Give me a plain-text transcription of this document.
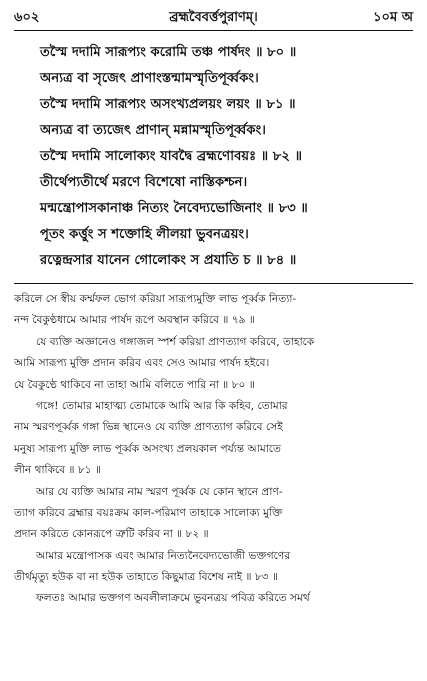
৬০২	ব্রহ্মবৈবর্ত্তপুরাণম্‌।	১০ম অ
তস্মৈ দদামি সারূপ্যং করোমি তঞ্চ পার্ষদং ॥ ৮০ ॥
অন্যত্র বা সৃজেৎ প্রাণাংস্তন্মামস্মৃতিপূর্ব্বকং।
তস্মৈ দদামি সারূপ্যং অসংখ্যপ্রলয়ং লয়ং ॥ ৮১ ॥
অন্যত্র বা ত্যজেৎ প্রাণান্‌ মন্নামস্মৃতিপূর্ব্বকং।
তস্মৈ দদামি সালোক্যং যাবদ্বৈ ব্রহ্মণোবয়ঃ ॥ ৮২ ॥
তীর্থেপ্যতীর্থে মরণে বিশেষো নাস্তিকশ্চন।
মন্মন্ত্রোপাসকানাঞ্চ নিত্যং নৈবেদ্যভোজিনাং ॥ ৮৩ ॥
পূতং কর্ত্তুং স শক্তোহি লীলয়া ভুবনত্রয়ং।
রত্নেন্দ্রসার যানেন গোলোকং স প্রযাতি চ ॥ ৮৪ ॥
করিলে সে স্বীয় কর্ম্মফল ভোগ করিয়া সারূপ্যমুক্তি লাভ পূর্ব্বক নিত্যা-
নন্দ বৈকুণ্ঠধামে আমার পার্ষদ রূপে অবস্থান করিবে ॥ ৭৯ ॥
যে ব্যক্তি অজ্ঞানেও গঙ্গাজল স্পর্শ করিয়া প্রাণত্যাগ করিবে, তাহাকে
আমি সারূপ্য মুক্তি প্রদান করিব এবং সেও আমার পার্ষদ হইবে।
যে বৈকুণ্ঠে থাকিবে না তাহা আমি বলিতে পারি না ॥ ৮০ ॥
গঙ্গে! তোমার মাহাত্ম্য তোমাকে আমি আর কি কহিব, তোমার
নাম স্মরণপূর্ব্বক গঙ্গা ভিন্ন স্থানেও যে ব্যক্তি প্রাণত্যাগ করিবে সেই
মনুষ্য সারূপ্য মুক্তি লাভ পূর্ব্বক অসংখ্য প্রলয়কাল পর্য্যন্ত আমাতে
লীন থাকিবে ॥ ৮১ ॥
আর যে ব্যক্তি আমার নাম স্মরণ পূর্ব্বক যে কোন স্থানে প্রাণ-
ত্যাগ করিবে ব্রহ্মার বয়ঃক্রম কাল-পরিমাণ তাহাকে সালোক্য মুক্তি
প্রদান করিতে কোনরূপে ত্রুটি করিব না ॥ ৮২ ॥
আমার মন্ত্রোপাসক এবং আমার নিত্যনৈবেদ্যভোজী ভক্তগণের
তীর্থমৃত্যু হউক বা না হউক তাহাতে কিছুমাত্র বিশেষ নাই ॥ ৮৩ ॥
ফলতঃ আমার ভক্তগণ অবলীলাক্রমে ভুবনত্রয় পবিত্র করিতে সমর্থ
